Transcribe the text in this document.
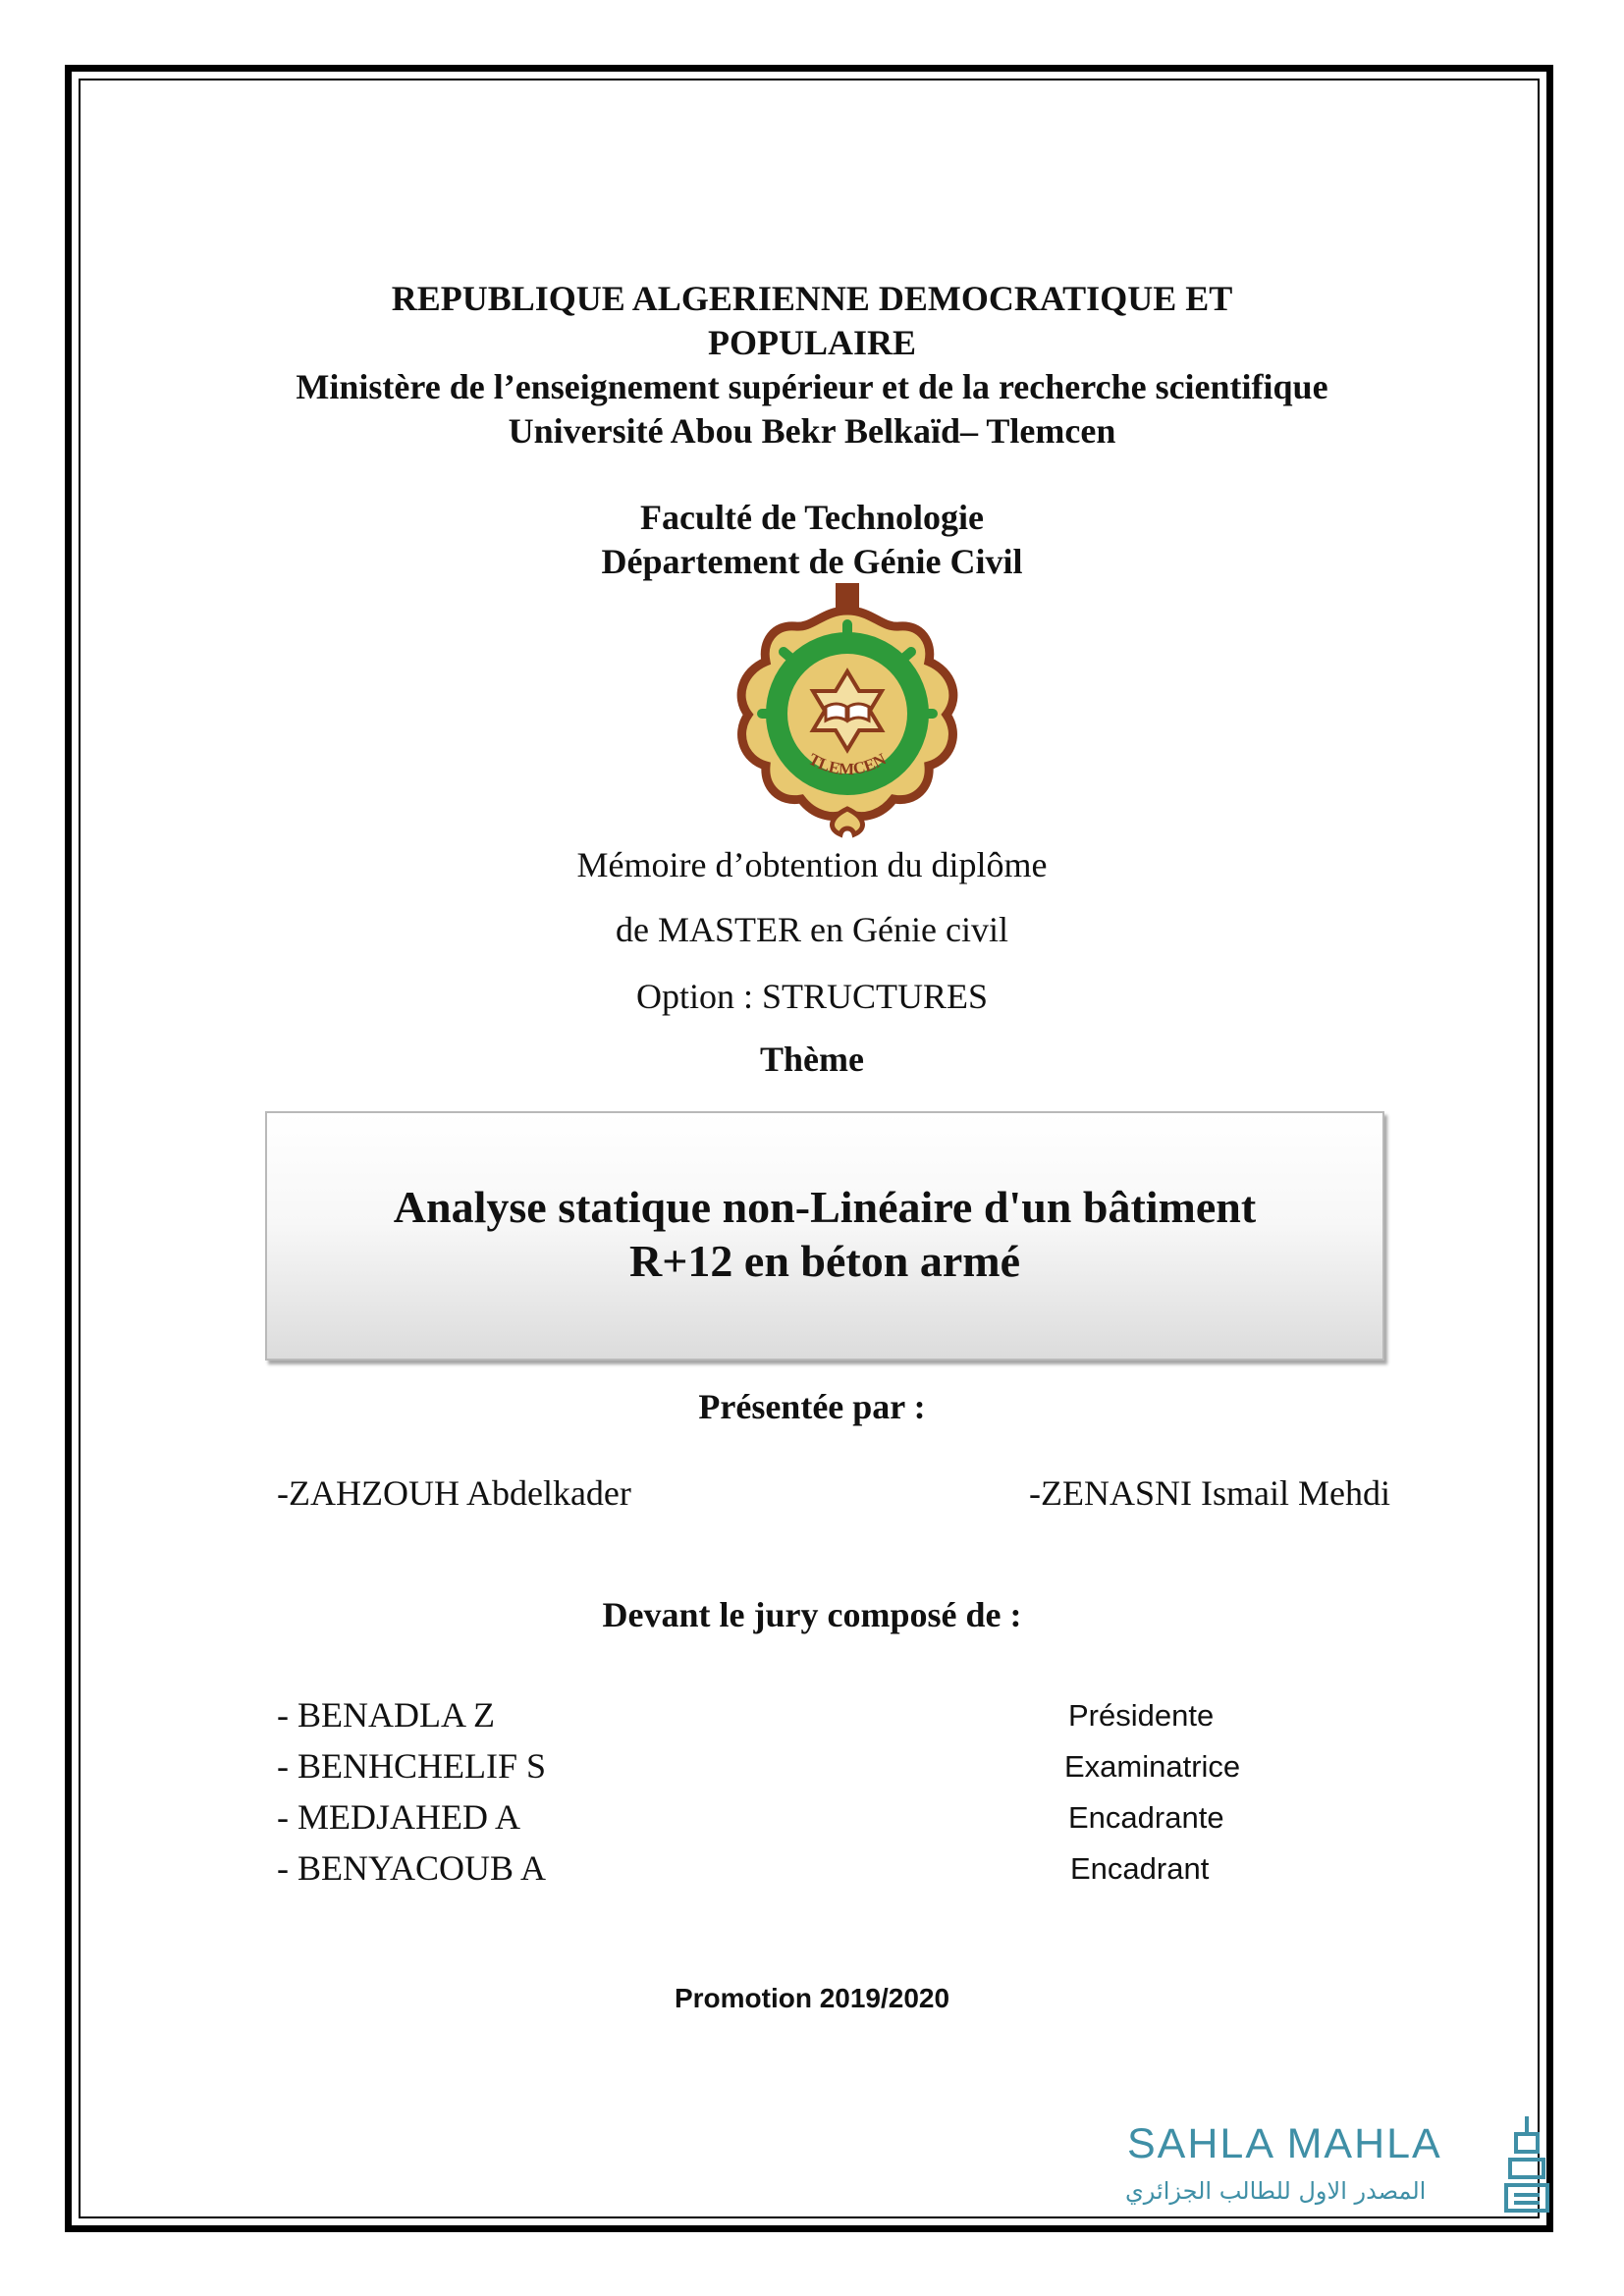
REPUBLIQUE ALGERIENNE DEMOCRATIQUE ET
POPULAIRE
Ministère de l’enseignement supérieur et de la recherche scientifique
Université Abou Bekr Belkaïd– Tlemcen
Faculté de Technologie
Département de Génie Civil
TLEMCEN
Mémoire d’obtention du diplôme
de MASTER en Génie civil
Option : STRUCTURES
Thème
Analyse statique non-Linéaire d'un bâtiment
R+12 en béton armé
Présentée par :
-ZAHZOUH Abdelkader	-ZENASNI Ismail Mehdi
Devant le jury composé de :
- BENADLA Z	Présidente
- BENHCHELIF S	Examinatrice
- MEDJAHED A	Encadrante
- BENYACOUB A	Encadrant
Promotion 2019/2020
SAHLA MAHLA
المصدر الاول للطالب الجزائري
